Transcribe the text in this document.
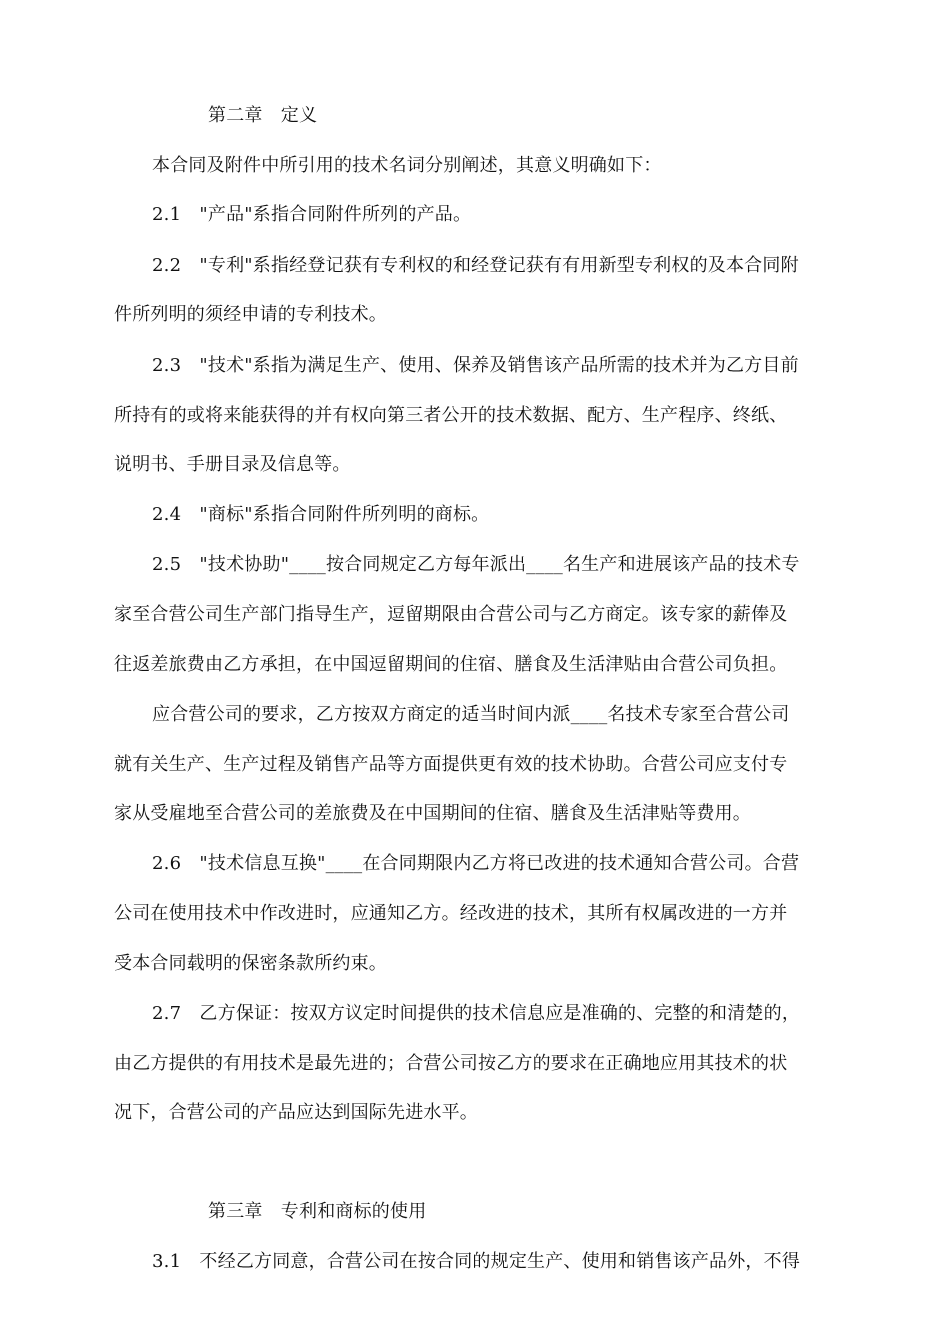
第二章　定义
本合同及附件中所引用的技术名词分别阐述，其意义明确如下：
2.1　"产品"系指合同附件所列的产品。
2.2　"专利"系指经登记获有专利权的和经登记获有有用新型专利权的及本合同附
件所列明的须经申请的专利技术。
2.3　"技术"系指为满足生产、使用、保养及销售该产品所需的技术并为乙方目前
所持有的或将来能获得的并有权向第三者公开的技术数据、配方、生产程序、终纸、
说明书、手册目录及信息等。
2.4　"商标"系指合同附件所列明的商标。
2.5　"技术协助"____按合同规定乙方每年派出____名生产和进展该产品的技术专
家至合营公司生产部门指导生产，逗留期限由合营公司与乙方商定。该专家的薪俸及
往返差旅费由乙方承担，在中国逗留期间的住宿、膳食及生活津贴由合营公司负担。
应合营公司的要求，乙方按双方商定的适当时间内派____名技术专家至合营公司
就有关生产、生产过程及销售产品等方面提供更有效的技术协助。合营公司应支付专
家从受雇地至合营公司的差旅费及在中国期间的住宿、膳食及生活津贴等费用。
2.6　"技术信息互换"____在合同期限内乙方将已改进的技术通知合营公司。合营
公司在使用技术中作改进时，应通知乙方。经改进的技术，其所有权属改进的一方并
受本合同载明的保密条款所约束。
2.7　乙方保证：按双方议定时间提供的技术信息应是准确的、完整的和清楚的，
由乙方提供的有用技术是最先进的；合营公司按乙方的要求在正确地应用其技术的状
况下，合营公司的产品应达到国际先进水平。
第三章　专利和商标的使用
3.1　不经乙方同意，合营公司在按合同的规定生产、使用和销售该产品外，不得
